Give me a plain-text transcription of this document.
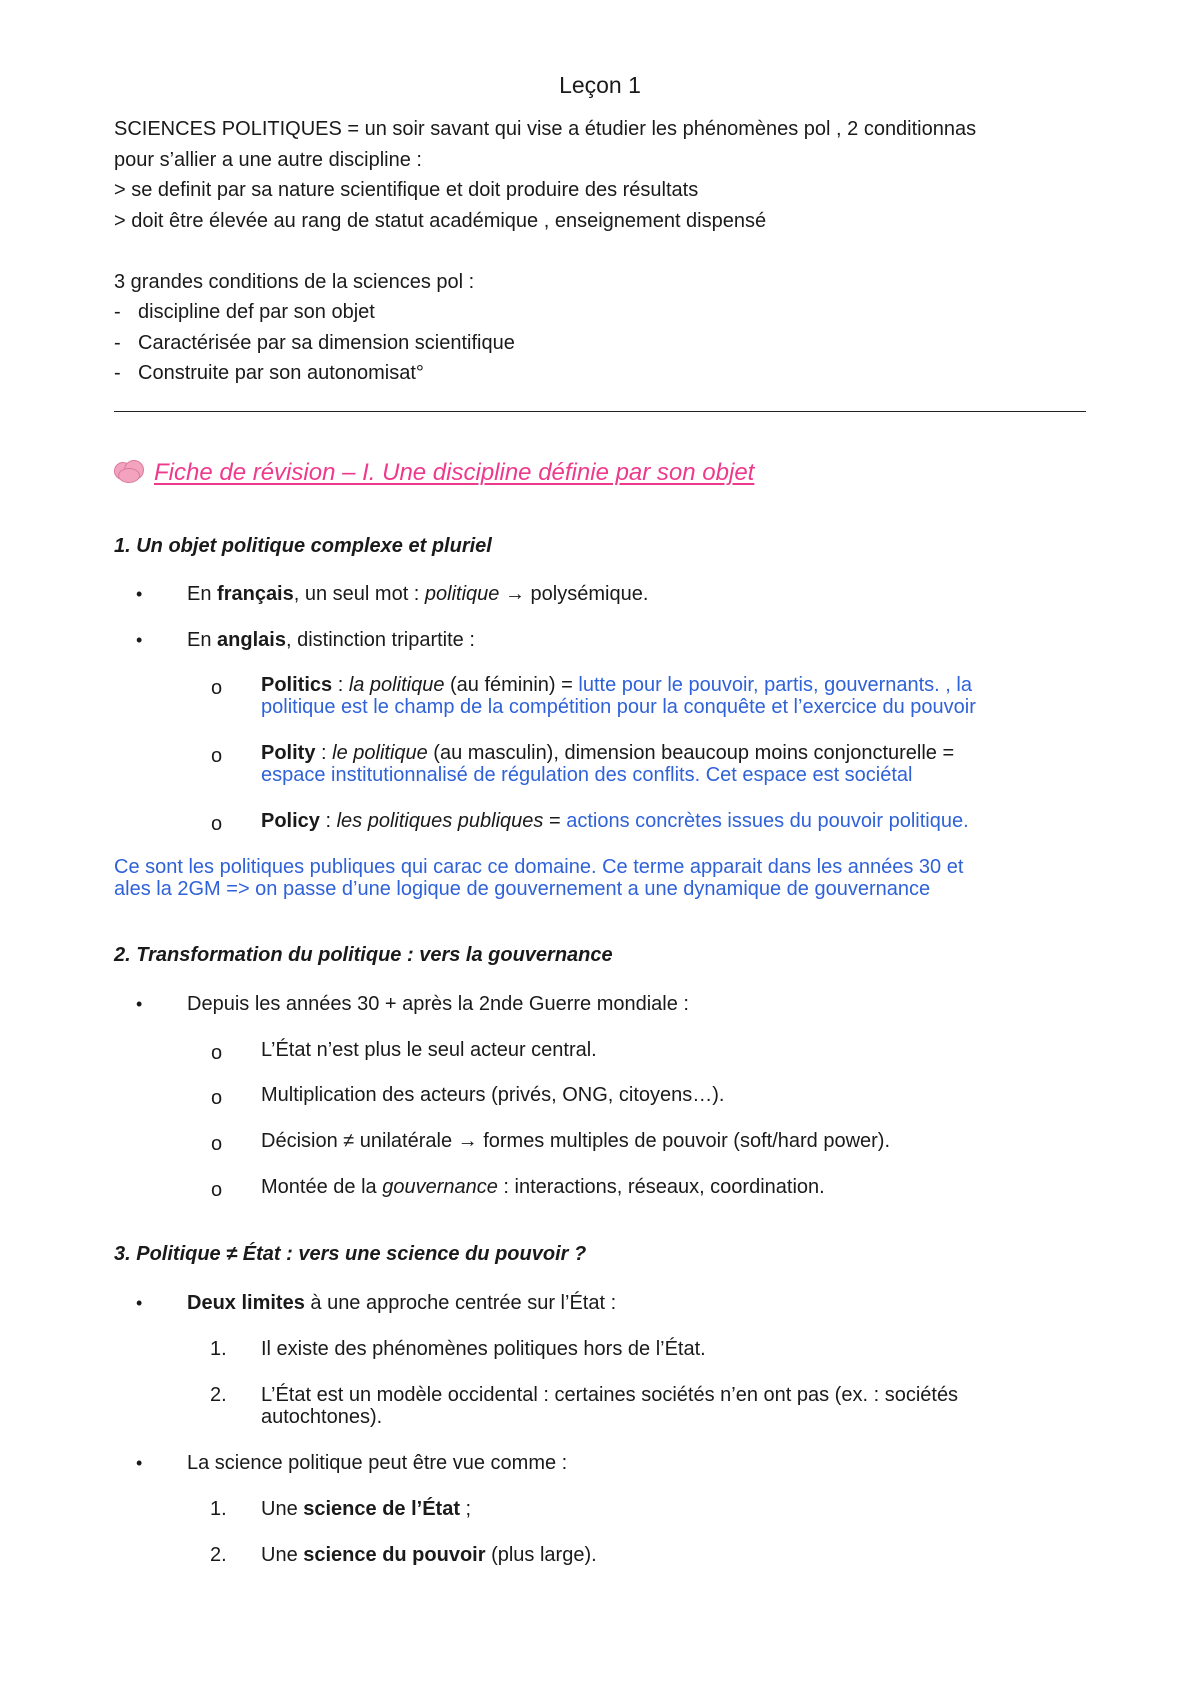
Leçon 1
SCIENCES POLITIQUES = un soir savant qui vise a étudier les phénomènes pol , 2 conditionnas
pour s’allier a une autre discipline :
> se definit par sa nature scientifique et doit produire des résultats
> doit être élevée au rang de statut académique , enseignement dispensé
3 grandes conditions de la sciences pol :
- discipline def par son objet
- Caractérisée par sa dimension scientifique
- Construite par son autonomisat°
Fiche de révision – I. Une discipline définie par son objet
1. Un objet politique complexe et pluriel
• En français, un seul mot : politique → polysémique.
• En anglais, distinction tripartite :
o Politics : la politique (au féminin) = lutte pour le pouvoir, partis, gouvernants. , la
politique est le champ de la compétition pour la conquête et l’exercice du pouvoir
o Polity : le politique (au masculin), dimension beaucoup moins conjoncturelle =
espace institutionnalisé de régulation des conflits. Cet espace est sociétal
o Policy : les politiques publiques = actions concrètes issues du pouvoir politique.
Ce sont les politiques publiques qui carac ce domaine. Ce terme apparait dans les années 30 et
ales la 2GM => on passe d’une logique de gouvernement a une dynamique de gouvernance
2. Transformation du politique : vers la gouvernance
• Depuis les années 30 + après la 2nde Guerre mondiale :
o L’État n’est plus le seul acteur central.
o Multiplication des acteurs (privés, ONG, citoyens…).
o Décision ≠ unilatérale → formes multiples de pouvoir (soft/hard power).
o Montée de la gouvernance : interactions, réseaux, coordination.
3. Politique ≠ État : vers une science du pouvoir ?
• Deux limites à une approche centrée sur l’État :
1. Il existe des phénomènes politiques hors de l’État.
2. L’État est un modèle occidental : certaines sociétés n’en ont pas (ex. : sociétés
autochtones).
• La science politique peut être vue comme :
1. Une science de l’État ;
2. Une science du pouvoir (plus large).
